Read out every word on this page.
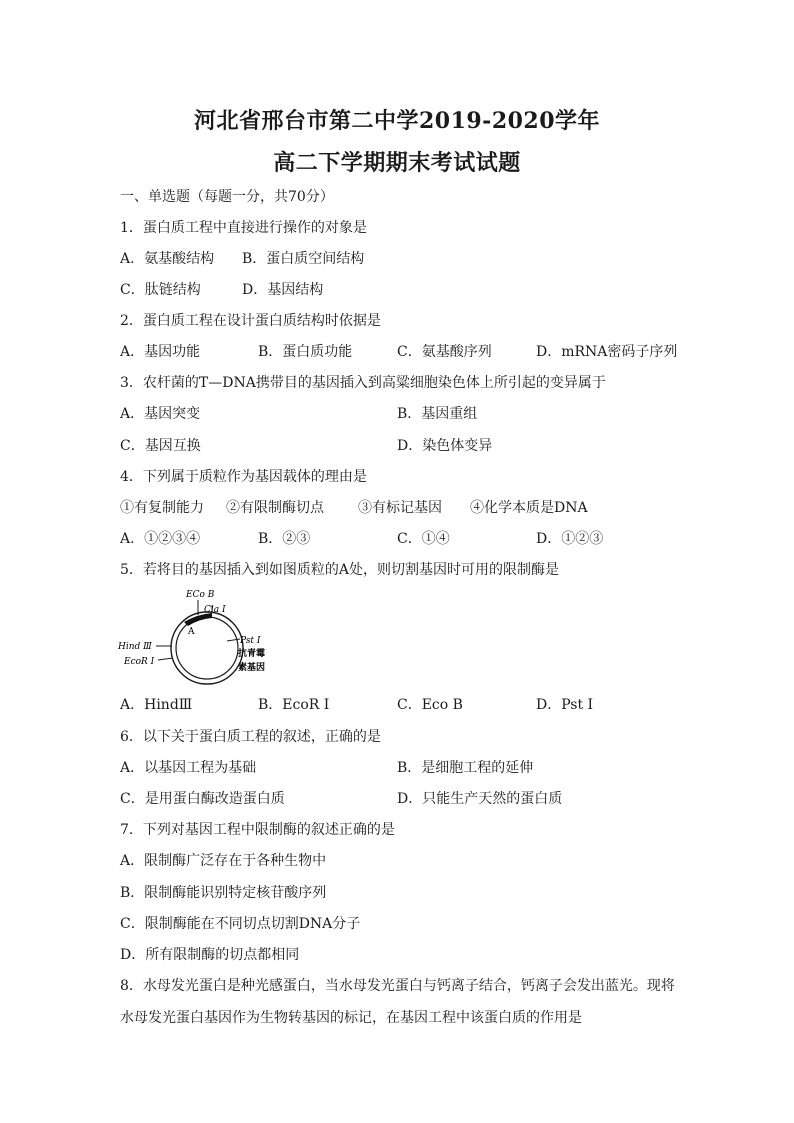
河北省邢台市第二中学2019-2020学年
高二下学期期末考试试题
一、单选题（每题一分，共70分）
1．蛋白质工程中直接进行操作的对象是
A．氨基酸结构 B．蛋白质空间结构
C．肽链结构	D．基因结构
2．蛋白质工程在设计蛋白质结构时依据是
A．基因功能	B．蛋白质功能	C．氨基酸序列	D．mRNA密码子序列
3．农杆菌的T—DNA携带目的基因插入到高粱细胞染色体上所引起的变异属于
A．基因突变	B．基因重组
C．基因互换	D．染色体变异
4．下列属于质粒作为基因载体的理由是
①有复制能力 ②有限制酶切点 ③有标记基因 ④化学本质是DNA
A．①②③④	B．②③	C．①④	D．①②③
5．若将目的基因插入到如图质粒的A处，则切割基因时可用的限制酶是
ECo B
Cla I
A
Hind Ⅲ
EcoR Ⅰ
Pst Ⅰ
抗青霉
素基因
A．HindⅢ	B．EcoR Ⅰ	C．Eco B	D．Pst Ⅰ
6．以下关于蛋白质工程的叙述，正确的是
A．以基因工程为基础	B．是细胞工程的延伸
C．是用蛋白酶改造蛋白质	D．只能生产天然的蛋白质
7．下列对基因工程中限制酶的叙述正确的是
A．限制酶广泛存在于各种生物中
B．限制酶能识别特定核苷酸序列
C．限制酶能在不同切点切割DNA分子
D．所有限制酶的切点都相同
8．水母发光蛋白是种光感蛋白，当水母发光蛋白与钙离子结合，钙离子会发出蓝光。现将
水母发光蛋白基因作为生物转基因的标记，在基因工程中该蛋白质的作用是
